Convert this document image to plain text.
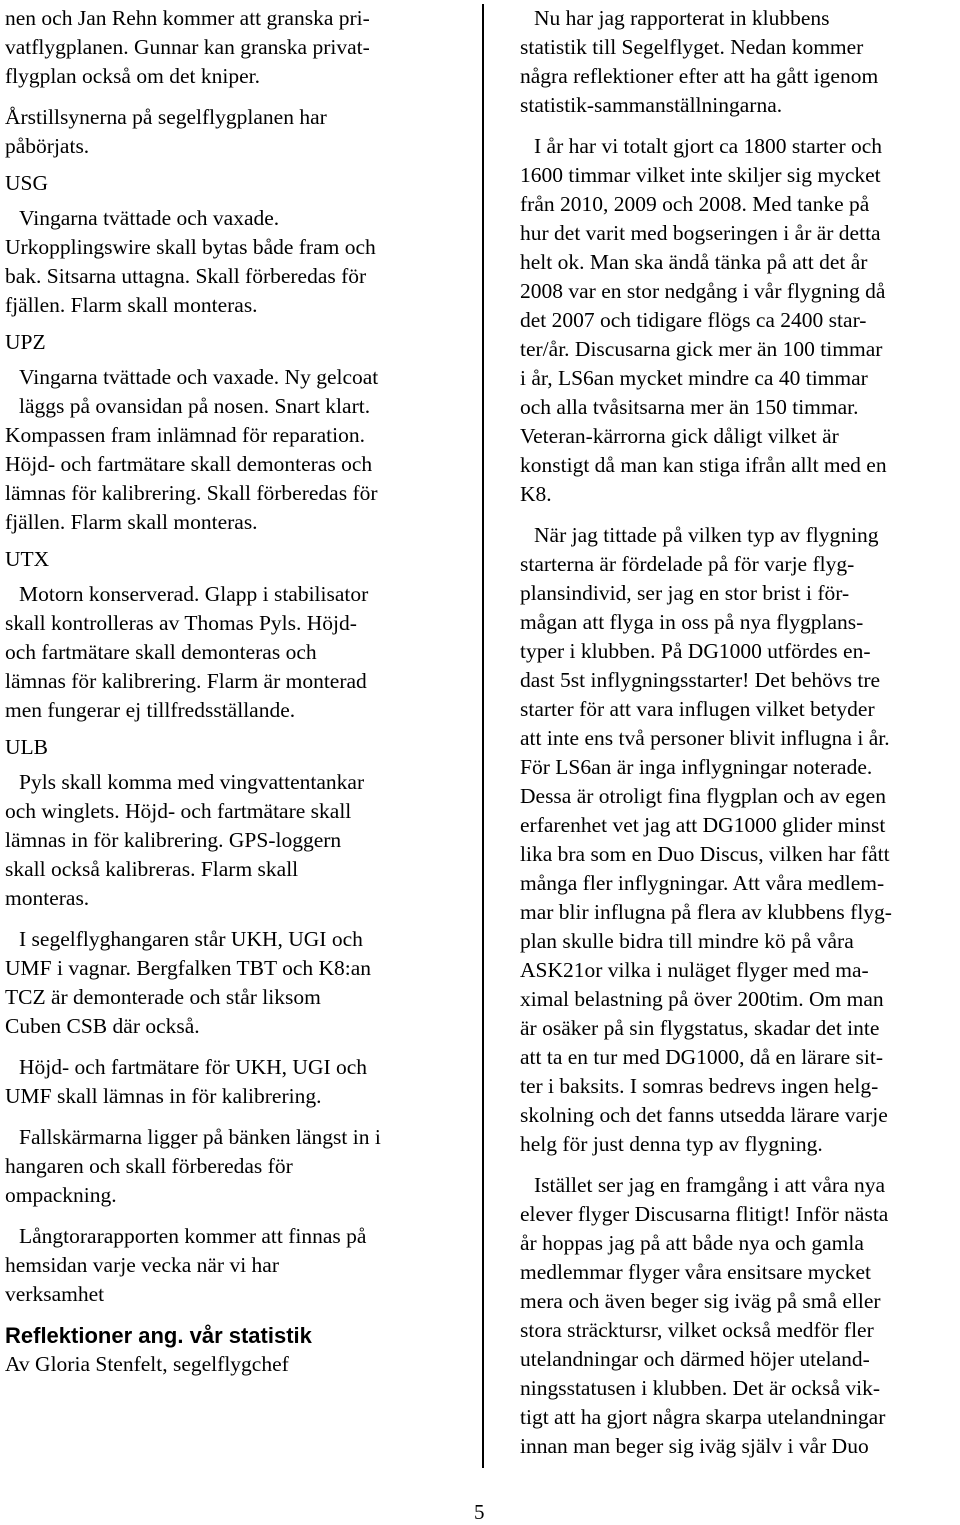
nen och Jan Rehn kommer att granska pri-
vatflygplanen. Gunnar kan granska privat-
flygplan också om det kniper.
Årstillsynerna på segelflygplanen har
påbörjats.
USG
Vingarna tvättade och vaxade.
Urkopplingswire skall bytas både fram och
bak. Sitsarna uttagna. Skall förberedas för
fjällen. Flarm skall monteras.
UPZ
Vingarna tvättade och vaxade. Ny gelcoat
läggs på ovansidan på nosen. Snart klart.
Kompassen fram inlämnad för reparation.
Höjd- och fartmätare skall demonteras och
lämnas för kalibrering. Skall förberedas för
fjällen. Flarm skall monteras.
UTX
Motorn konserverad. Glapp i stabilisator
skall kontrolleras av Thomas Pyls. Höjd-
och fartmätare skall demonteras och
lämnas för kalibrering. Flarm är monterad
men fungerar ej tillfredsställande.
ULB
Pyls skall komma med vingvattentankar
och winglets. Höjd- och fartmätare skall
lämnas in för kalibrering. GPS-loggern
skall också kalibreras. Flarm skall
monteras.
I segelflyghangaren står UKH, UGI och
UMF i vagnar. Bergfalken TBT och K8:an
TCZ är demonterade och står liksom
Cuben CSB där också.
Höjd- och fartmätare för UKH, UGI och
UMF skall lämnas in för kalibrering.
Fallskärmarna ligger på bänken längst in i
hangaren och skall förberedas för
ompackning.
Långtorarapporten kommer att finnas på
hemsidan varje vecka när vi har
verksamhet
Reflektioner ang. vår statistik
Av Gloria Stenfelt, segelflygchef
Nu har jag rapporterat in klubbens
statistik till Segelflyget. Nedan kommer
några reflektioner efter att ha gått igenom
statistik-sammanställningarna.
I år har vi totalt gjort ca 1800 starter och
1600 timmar vilket inte skiljer sig mycket
från 2010, 2009 och 2008. Med tanke på
hur det varit med bogseringen i år är detta
helt ok. Man ska ändå tänka på att det år
2008 var en stor nedgång i vår flygning då
det 2007 och tidigare flögs ca 2400 star-
ter/år. Discusarna gick mer än 100 timmar
i år, LS6an mycket mindre ca 40 timmar
och alla tvåsitsarna mer än 150 timmar.
Veteran-kärrorna gick dåligt vilket är
konstigt då man kan stiga ifrån allt med en
K8.
När jag tittade på vilken typ av flygning
starterna är fördelade på för varje flyg-
plansindivid, ser jag en stor brist i för-
mågan att flyga in oss på nya flygplans-
typer i klubben. På DG1000 utfördes en-
dast 5st inflygningsstarter! Det behövs tre
starter för att vara influgen vilket betyder
att inte ens två personer blivit influgna i år.
För LS6an är inga inflygningar noterade.
Dessa är otroligt fina flygplan och av egen
erfarenhet vet jag att DG1000 glider minst
lika bra som en Duo Discus, vilken har fått
många fler inflygningar. Att våra medlem-
mar blir influgna på flera av klubbens flyg-
plan skulle bidra till mindre kö på våra
ASK21or vilka i nuläget flyger med ma-
ximal belastning på över 200tim. Om man
är osäker på sin flygstatus, skadar det inte
att ta en tur med DG1000, då en lärare sit-
ter i baksits. I somras bedrevs ingen helg-
skolning och det fanns utsedda lärare varje
helg för just denna typ av flygning.
Istället ser jag en framgång i att våra nya
elever flyger Discusarna flitigt! Inför nästa
år hoppas jag på att både nya och gamla
medlemmar flyger våra ensitsare mycket
mera och även beger sig iväg på små eller
stora sträcktursr, vilket också medför fler
utelandningar och därmed höjer uteland-
ningsstatusen i klubben. Det är också vik-
tigt att ha gjort några skarpa utelandningar
innan man beger sig iväg själv i vår Duo
5
